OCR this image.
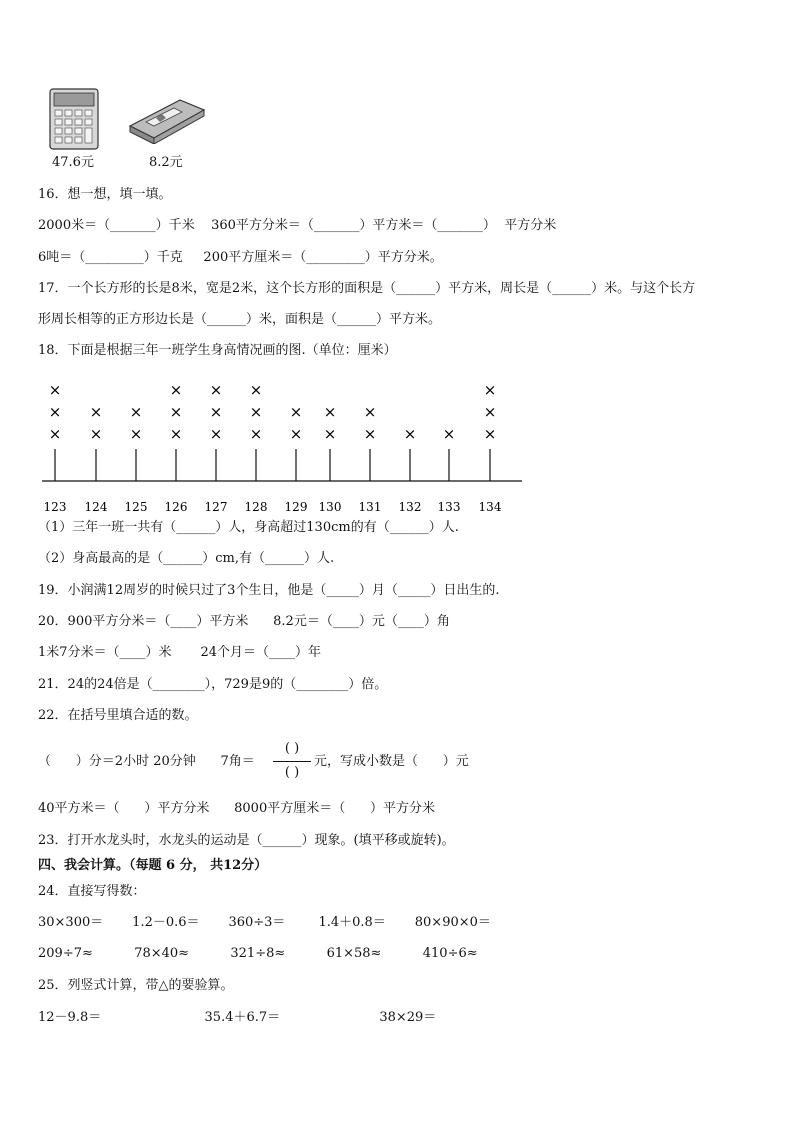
47.6元	8.2元
16．想一想，填一填。
2000米＝（_______）千米    360平方分米＝（_______）平方米＝（_______）  平方分米
6吨＝（_________）千克     200平方厘米＝（_________）平方分米。
17．一个长方形的长是8米，宽是2米，这个长方形的面积是（______）平方米，周长是（______）米。与这个长方
形周长相等的正方形边长是（______）米，面积是（______）平方米。
18．下面是根据三年一班学生身高情况画的图.（单位：厘米）
123
×
×
×
124
×
×
125
×
×
126
×
×
×
127
×
×
×
128
×
×
×
129
×
×
130
×
×
131
×
×
132
×
133
×
134
×
×
×
（1）三年一班一共有（______）人，身高超过130cm的有（______）人.
（2）身高最高的是（______）cm,有（______）人.
19．小润满12周岁的时候只过了3个生日，他是（_____）月（_____）日出生的.
20．900平方分米＝（____）平方米      8.2元＝（____）元（____）角
1米7分米＝（____）米       24个月＝（____）年
21．24的24倍是（________），729是9的（________）倍。
22．在括号里填合适的数。
（      ）分＝2小时 20分钟      7角＝
( )
( )
元，写成小数是（      ）元
40平方米＝（      ）平方分米      8000平方厘米＝（      ）平方分米
23．打开水龙头时，水龙头的运动是（______）现象。(填平移或旋转)。
四、我会计算。（每题 6 分， 共12分）
24．直接写得数：
30×300＝       1.2－0.6＝       360÷3＝        1.4＋0.8＝       80×90×0＝
209÷7≈          78×40≈          321÷8≈          61×58≈          410÷6≈
25．列竖式计算，带△的要验算。
12－9.8＝                         35.4＋6.7＝                        38×29＝
